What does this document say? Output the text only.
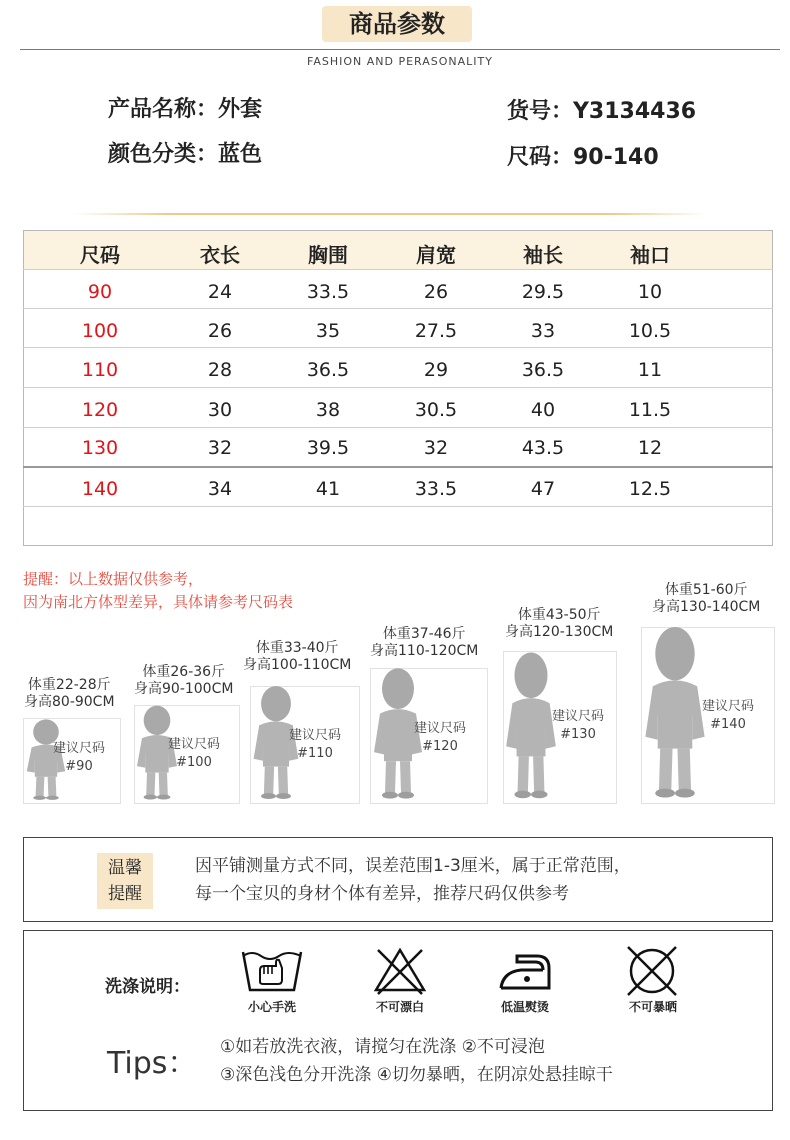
商品参数
FASHION AND PERASONALITY
产品名称：外套
颜色分类：蓝色
货号：Y3134436
尺码：90-140
尺码	衣长	胸围	肩宽	袖长	袖口
90	24	33.5	26	29.5	10
100	26	35	27.5	33	10.5
110	28	36.5	29	36.5	11
120	30	38	30.5	40	11.5
130	32	39.5	32	43.5	12
140	34	41	33.5	47	12.5
提醒：以上数据仅供参考，
因为南北方体型差异，具体请参考尺码表
体重22-28斤
身高80-90CM
建议尺码
#90
体重26-36斤
身高90-100CM
建议尺码
#100
体重33-40斤
身高100-110CM
建议尺码
#110
体重37-46斤
身高110-120CM
建议尺码
#120
体重43-50斤
身高120-130CM
建议尺码
#130
体重51-60斤
身高130-140CM
建议尺码
#140
温馨
提醒
因平铺测量方式不同，误差范围1-3厘米，属于正常范围，
每一个宝贝的身材个体有差异，推荐尺码仅供参考
洗涤说明：
小心手洗	不可漂白	低温熨烫	不可暴晒
Tips： ①如若放洗衣液，请搅匀在洗涤 ②不可浸泡
③深色浅色分开洗涤 ④切勿暴晒，在阴凉处悬挂晾干
